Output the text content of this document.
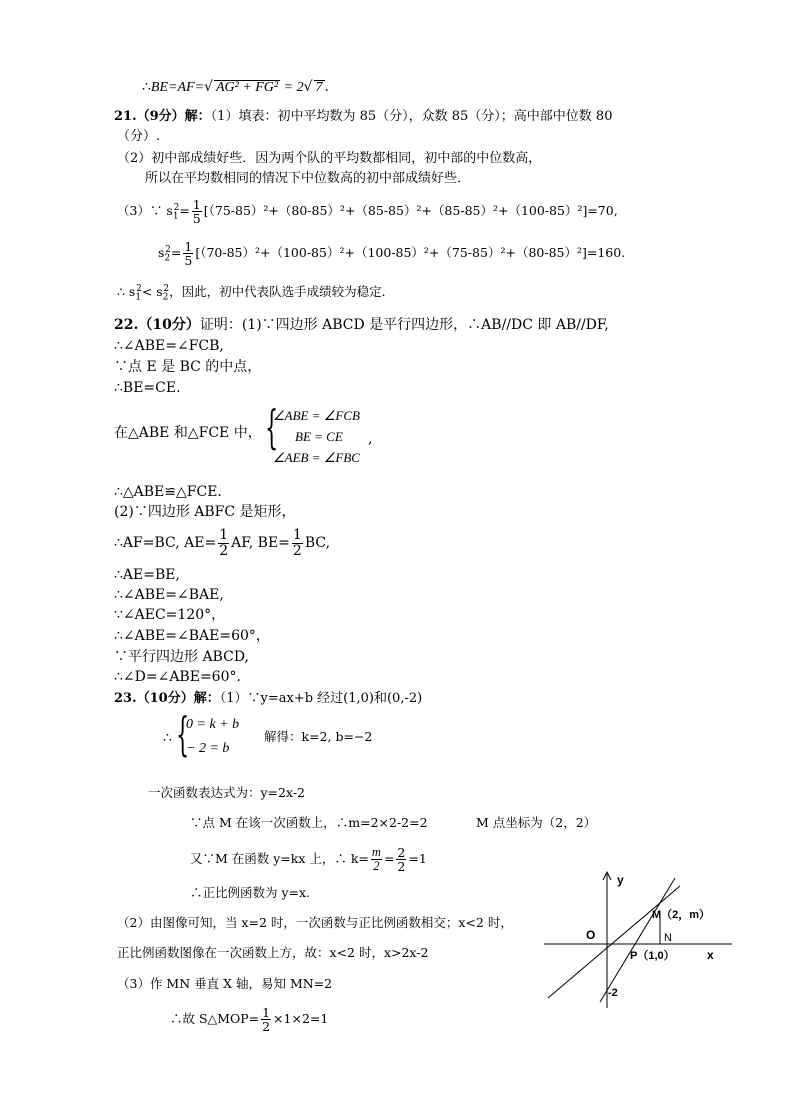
∴BE=AF=√ AG² + FG² = 2√ 7 .
21.（9分）解：（1）填表：初中平均数为 85（分），众数 85（分）；高中部中位数 80
（分）.
（2）初中部成绩好些．因为两个队的平均数都相同，初中部的中位数高，
所以在平均数相同的情况下中位数高的初中部成绩好些．
（3）∵ $s_1^2= \frac{1}{5} [(75-85)^2+(80-85)^2+(85-85)^2+(85-85)^2+(100-85)^2]=70$,
$s_2^2= \frac{1}{5} [(70-85)^2+(100-85)^2+(100-85)^2+(75-85)^2+(80-85)^2]=160$.
∴ $s_1^2< s_2^2$，因此，初中代表队选手成绩较为稳定．
22.（10分）证明：(1)∵四边形 ABCD 是平行四边形，∴AB//DC 即 AB//DF,
∴∠ABE=∠FCB,
∵点 E 是 BC 的中点，
∴BE=CE.
在△ABE 和△FCE 中， {
∠ABE = ∠FCB
BE = CE
∠AEB = ∠FBC
,
∴△ABE≌△FCE.
(2)∵四边形 ABFC 是矩形，
∴AF=BC, $AE= \frac{1}{2}$ AF, $BE= \frac{1}{2}$ BC,
∴AE=BE,
∴∠ABE=∠BAE,
∵∠AEC=120°，
∴∠ABE=∠BAE=60°，
∵平行四边形 ABCD,
∴∠D=∠ABE=60°．
23.（10分）解：（1）∵y=ax+b 经过(1,0)和(0,-2)
∴ {
0 = k + b
− 2 = b
解得：k=2, b=−2
一次函数表达式为：y=2x-2
∵点 M 在该一次函数上，∴m=2×2-2=2	M 点坐标为（2，2）
又∵M 在函数 y=kx 上，∴ $k= \frac{m}{2} = \frac{2}{2} =1$
∴正比例函数为 y=x.
（2）由图像可知，当 x=2 时，一次函数与正比例函数相交；x<2 时，
正比例函数图像在一次函数上方，故：x<2 时，x>2x-2
（3）作 MN 垂直 X 轴，易知 MN=2
∴故 S△MOP= $\frac{1}{2} \times 1\times 2=1$
y
x
O
M（2，m）
N
P（1,0）
-2
